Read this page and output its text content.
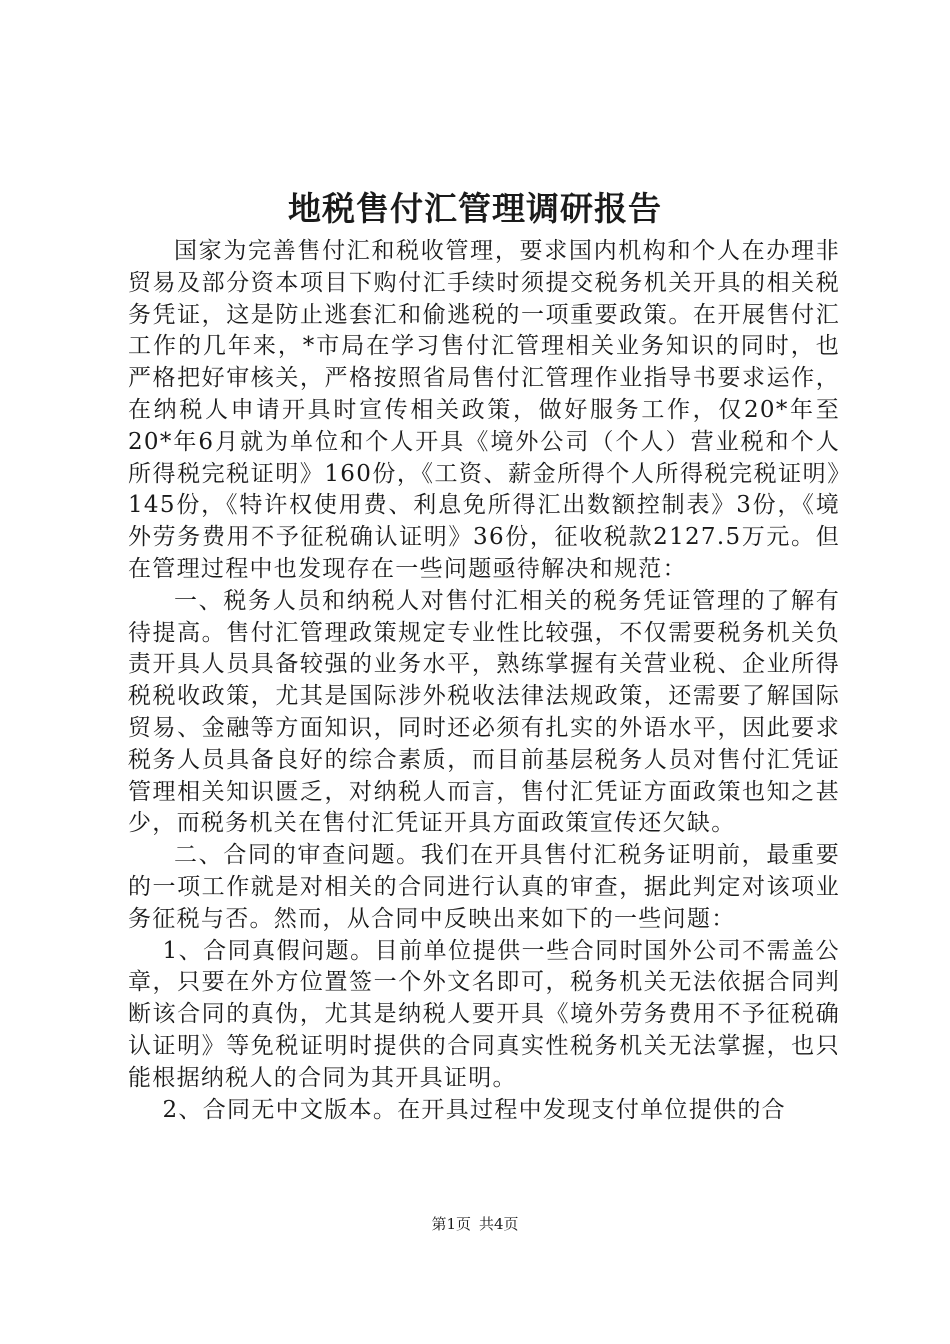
地税售付汇管理调研报告

国家为完善售付汇和税收管理，要求国内机构和个人在办理非贸易及部分资本项目下购付汇手续时须提交税务机关开具的相关税务凭证，这是防止逃套汇和偷逃税的一项重要政策。在开展售付汇工作的几年来，*市局在学习售付汇管理相关业务知识的同时，也严格把好审核关，严格按照省局售付汇管理作业指导书要求运作，在纳税人申请开具时宣传相关政策，做好服务工作，仅20*年至20*年6月就为单位和个人开具《境外公司（个人）营业税和个人所得税完税证明》160份，《工资、薪金所得个人所得税完税证明》145份，《特许权使用费、利息免所得汇出数额控制表》3份，《境外劳务费用不予征税确认证明》36份，征收税款2127.5万元。但在管理过程中也发现存在一些问题亟待解决和规范：

一、税务人员和纳税人对售付汇相关的税务凭证管理的了解有待提高。售付汇管理政策规定专业性比较强，不仅需要税务机关负责开具人员具备较强的业务水平，熟练掌握有关营业税、企业所得税税收政策，尤其是国际涉外税收法律法规政策，还需要了解国际贸易、金融等方面知识，同时还必须有扎实的外语水平，因此要求税务人员具备良好的综合素质，而目前基层税务人员对售付汇凭证管理相关知识匮乏，对纳税人而言，售付汇凭证方面政策也知之甚少，而税务机关在售付汇凭证开具方面政策宣传还欠缺。

二、合同的审查问题。我们在开具售付汇税务证明前，最重要的一项工作就是对相关的合同进行认真的审查，据此判定对该项业务征税与否。然而，从合同中反映出来如下的一些问题：

1、合同真假问题。目前单位提供一些合同时国外公司不需盖公章，只要在外方位置签一个外文名即可，税务机关无法依据合同判断该合同的真伪，尤其是纳税人要开具《境外劳务费用不予征税确认证明》等免税证明时提供的合同真实性税务机关无法掌握，也只能根据纳税人的合同为其开具证明。

2、合同无中文版本。在开具过程中发现支付单位提供的合

第1页 共4页
